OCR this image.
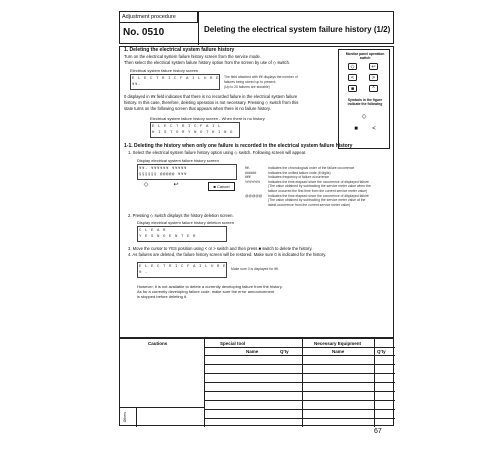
Adjustment procedure
No. 0510	Deleting the electrical system failure history (1/2)
Monitor panel operation switch
◇	↩
<	>
■	^
Symbols in the figure indicate the following
◇
■	<
1. Deleting the electrical system failure history
Turn on the electrical system failure history screen from the service mode.
Then select the electrical system failure history option from the screen by use of ◇ switch.
Electrical system failure history screen
E L E C T R I C F A I L U R E
¥¥-
The field attached with ¥¥ displays the number of
failures being stored up to present.
(Up to 20 failures are storable)
0 displayed in ¥¥ field indicates that there is no recorded failure in the electrical system failure
history. In this case, therefore, deleting operation is not necessary. Pressing ◇ switch from this
state turns on the following screen that appears when there is no failure history.
Electrical system failure history screen - When there is no history
E L E C T R I C F A I L
H I S T O R Y N O T H I N G
1-1. Deleting the history when only one failure is recorded in the electrical system failure history
1. Select the electrical system failure history option using ◇ switch. Following screen will appear.
Display electrical system failure history screen
¥¥- ¥¥¥¥¥¥ ¥¥¥¥¥
§§§§§§ @@@@@ ¥¥¥
◇	↩	■ Cancel
¥¥-	Indicates the chronological order of the failure occurrence
######	Indicates the unified failure code (6 digits)
¥¥¥	Indicates frequency of failure occurrence
%%%%% Indicates the time elapsed since the occurrence of displayed failure
(The value obtained by subtracting the service meter value when the
failure occurred the first time from the current service meter value)
@@@@@ Indicates the time elapsed since the occurrence of displayed failure
(The value obtained by subtracting the service meter value at the
latest occurrence from the current service meter value)
2. Pressing ◇ switch displays the history deletion screen.
Display electrical system failure history deletion screen
C L E A R
Y E S N O E N T E R
3. Move the cursor to YES position using < or > switch and then press ■ switch to delete the history.
4. As failures are deleted, the failure history screen will be restored. Make sure 0 is indicated for the history.
E L E C T R I C F A I L U R E
0 -
Make sure 0 is displayed for ¥¥.
However, it is not available to delete a currently developing failure from the history.
As for a currently developing failure code, make sure the error announcement
is stopped before deleting it.
Cautions	Special tool	Necessary Equipment
Name	Q'ty	Name	Q'ty
Others
67
